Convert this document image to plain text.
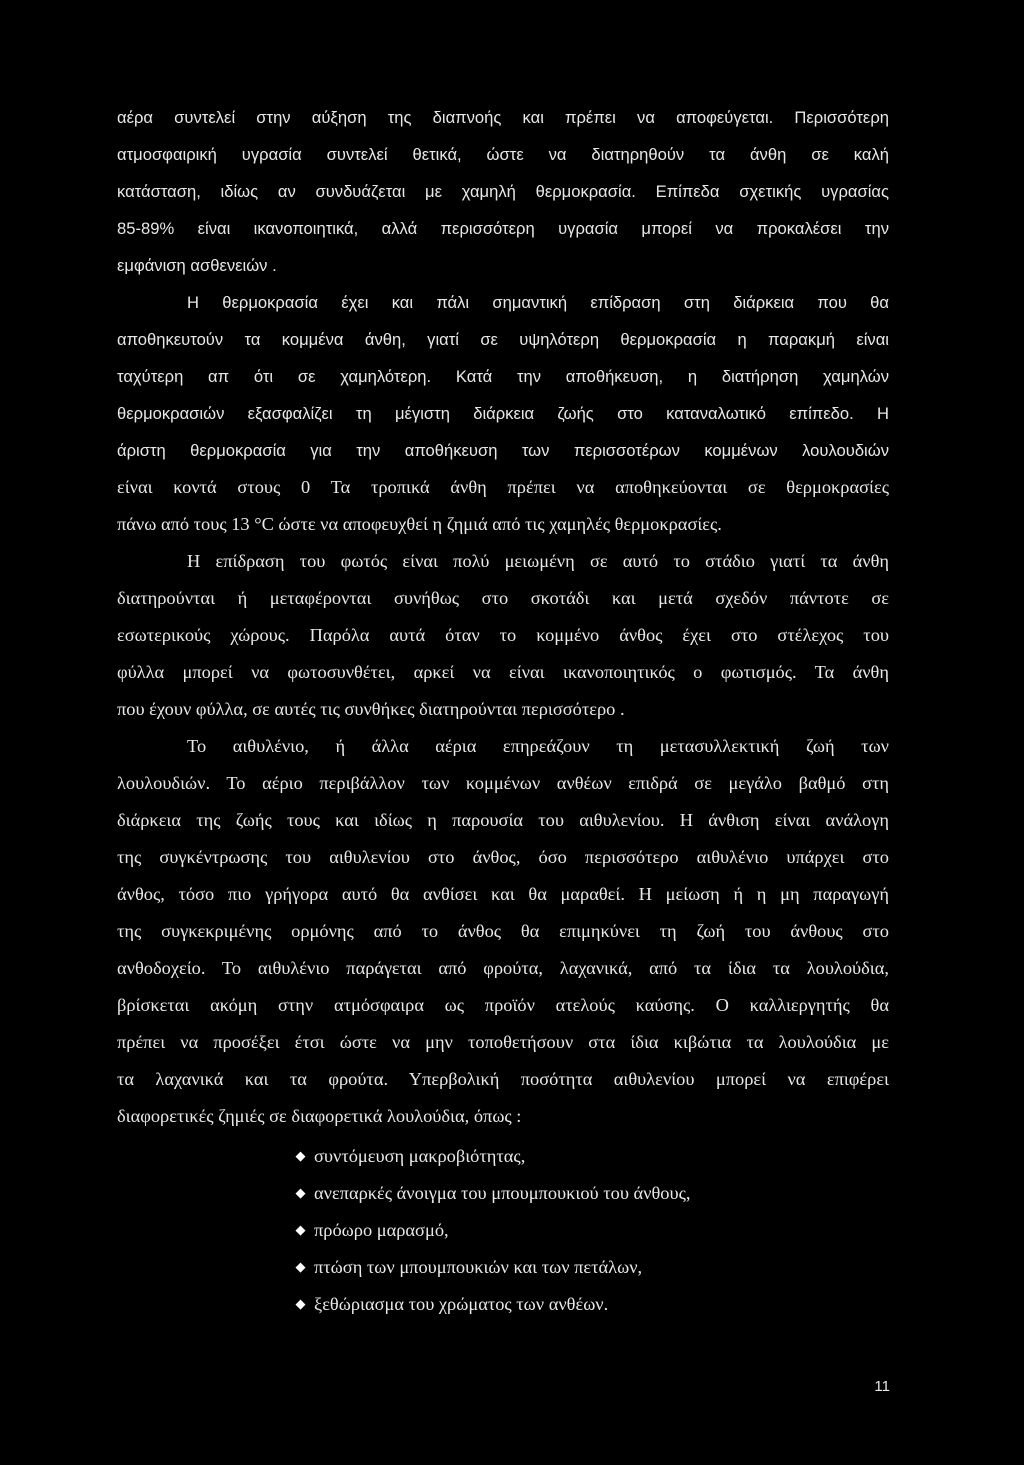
αέρα συντελεί στην αύξηση της διαπνοής και πρέπει να αποφεύγεται. Περισσότερη
ατμοσφαιρική υγρασία συντελεί θετικά, ώστε να διατηρηθούν τα άνθη σε καλή
κατάσταση, ιδίως αν συνδυάζεται με χαμηλή θερμοκρασία. Επίπεδα σχετικής υγρασίας
85-89% είναι ικανοποιητικά, αλλά περισσότερη υγρασία μπορεί να προκαλέσει την
εμφάνιση ασθενειών .
Η θερμοκρασία έχει και πάλι σημαντική επίδραση στη διάρκεια που θα
αποθηκευτούν τα κομμένα άνθη, γιατί σε υψηλότερη θερμοκρασία η παρακμή είναι
ταχύτερη απ ότι σε χαμηλότερη. Κατά την αποθήκευση, η διατήρηση χαμηλών
θερμοκρασιών εξασφαλίζει τη μέγιστη διάρκεια ζωής στο καταναλωτικό επίπεδο. Η
άριστη θερμοκρασία για την αποθήκευση των περισσοτέρων κομμένων λουλουδιών
είναι κοντά στους 0 Τα τροπικά άνθη πρέπει να αποθηκεύονται σε θερμοκρασίες
πάνω από τους 13 °C ώστε να αποφευχθεί η ζημιά από τις χαμηλές θερμοκρασίες.
Η επίδραση του φωτός είναι πολύ μειωμένη σε αυτό το στάδιο γιατί τα άνθη
διατηρούνται ή μεταφέρονται συνήθως στο σκοτάδι και μετά σχεδόν πάντοτε σε
εσωτερικούς χώρους. Παρόλα αυτά όταν το κομμένο άνθος έχει στο στέλεχος του
φύλλα μπορεί να φωτοσυνθέτει, αρκεί να είναι ικανοποιητικός ο φωτισμός. Τα άνθη
που έχουν φύλλα, σε αυτές τις συνθήκες διατηρούνται περισσότερο .
Το αιθυλένιο, ή άλλα αέρια επηρεάζουν τη μετασυλλεκτική ζωή των
λουλουδιών. Το αέριο περιβάλλον των κομμένων ανθέων επιδρά σε μεγάλο βαθμό στη
διάρκεια της ζωής τους και ιδίως η παρουσία του αιθυλενίου. Η άνθιση είναι ανάλογη
της συγκέντρωσης του αιθυλενίου στο άνθος, όσο περισσότερο αιθυλένιο υπάρχει στο
άνθος, τόσο πιο γρήγορα αυτό θα ανθίσει και θα μαραθεί. Η μείωση ή η μη παραγωγή
της συγκεκριμένης ορμόνης από το άνθος θα επιμηκύνει τη ζωή του άνθους στο
ανθοδοχείο. Το αιθυλένιο παράγεται από φρούτα, λαχανικά, από τα ίδια τα λουλούδια,
βρίσκεται ακόμη στην ατμόσφαιρα ως προϊόν ατελούς καύσης. Ο καλλιεργητής θα
πρέπει να προσέξει έτσι ώστε να μην τοποθετήσουν στα ίδια κιβώτια τα λουλούδια με
τα λαχανικά και τα φρούτα. Υπερβολική ποσότητα αιθυλενίου μπορεί να επιφέρει
διαφορετικές ζημιές σε διαφορετικά λουλούδια, όπως :
◆ συντόμευση μακροβιότητας,
◆ ανεπαρκές άνοιγμα του μπουμπουκιού του άνθους,
◆ πρόωρο μαρασμό,
◆ πτώση των μπουμπουκιών και των πετάλων,
◆ ξεθώριασμα του χρώματος των ανθέων.
11
